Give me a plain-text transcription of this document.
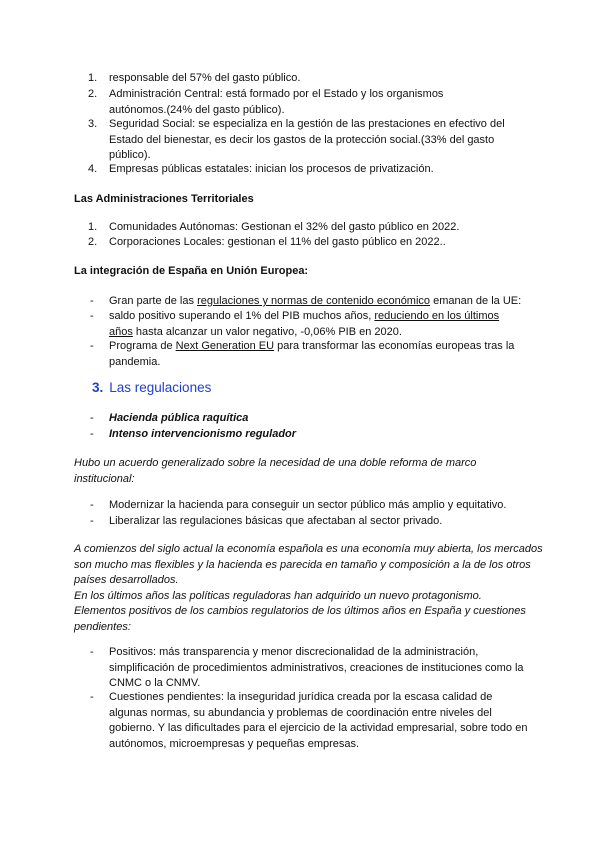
1. responsable del 57% del gasto público.
2. Administración Central: está formado por el Estado y los organismos autónomos.(24% del gasto público).
3. Seguridad Social: se especializa en la gestión de las prestaciones en efectivo del Estado del bienestar, es decir los gastos de la protección social.(33% del gasto público).
4. Empresas públicas estatales: inician los procesos de privatización.
Las Administraciones Territoriales
1. Comunidades Autónomas: Gestionan el 32% del gasto público en 2022.
2. Corporaciones Locales: gestionan el 11% del gasto público en 2022..
La integración de España en Unión Europea:
- Gran parte de las regulaciones y normas de contenido económico emanan de la UE:
- saldo positivo superando el 1% del PIB muchos años, reduciendo en los últimos años hasta alcanzar un valor negativo, -0,06% PIB en 2020.
- Programa de Next Generation EU para transformar las economías europeas tras la pandemia.
3. Las regulaciones
- Hacienda pública raquítica
- Intenso intervencionismo regulador
Hubo un acuerdo generalizado sobre la necesidad de una doble reforma de marco institucional:
- Modernizar la hacienda para conseguir un sector público más amplio y equitativo.
- Liberalizar las regulaciones básicas que afectaban al sector privado.
A comienzos del siglo actual la economía española es una economía muy abierta, los mercados son mucho mas flexibles y la hacienda es parecida en tamaño y composición a la de los otros países desarrollados.
En los últimos años las políticas reguladoras han adquirido un nuevo protagonismo.
Elementos positivos de los cambios regulatorios de los últimos años en España y cuestiones pendientes:
- Positivos: más transparencia y menor discrecionalidad de la administración, simplificación de procedimientos administrativos, creaciones de instituciones como la CNMC o la CNMV.
- Cuestiones pendientes: la inseguridad jurídica creada por la escasa calidad de algunas normas, su abundancia y problemas de coordinación entre niveles del gobierno. Y las dificultades para el ejercicio de la actividad empresarial, sobre todo en autónomos, microempresas y pequeñas empresas.
